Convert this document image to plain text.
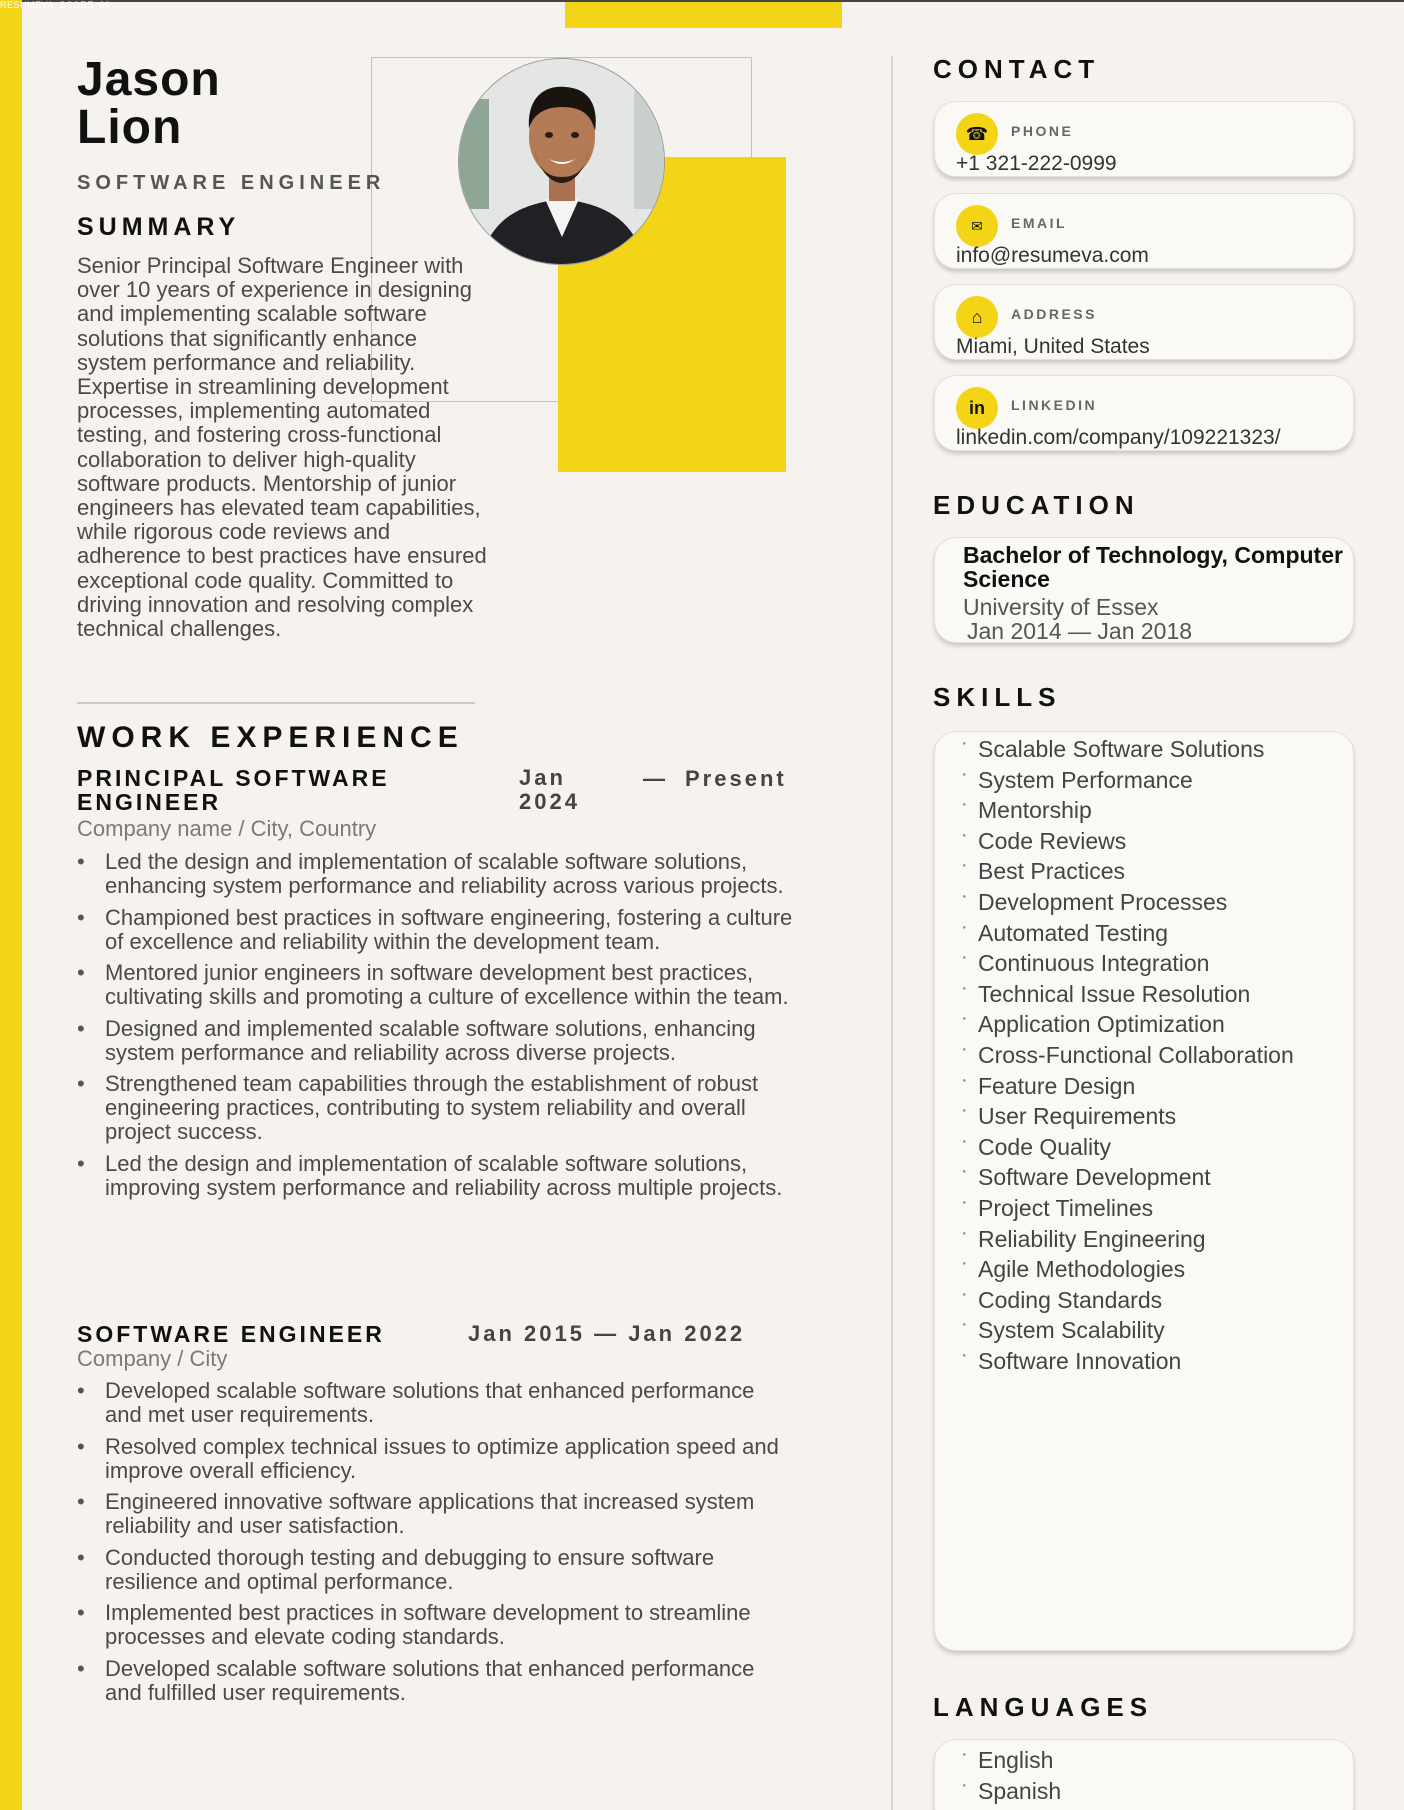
RESUMEVA_SCORE_00
Jason
Lion
SOFTWARE ENGINEER
SUMMARY
Senior Principal Software Engineer with over 10 years of experience in designing and implementing scalable software solutions that significantly enhance system performance and reliability. Expertise in streamlining development processes, implementing automated testing, and fostering cross-functional collaboration to deliver high-quality software products. Mentorship of junior engineers has elevated team capabilities, while rigorous code reviews and adherence to best practices have ensured exceptional code quality. Committed to driving innovation and resolving complex technical challenges.
WORK EXPERIENCE
PRINCIPAL SOFTWARE ENGINEER
Jan 2024
— Present
Company name / City, Country
• Led the design and implementation of scalable software solutions, enhancing system performance and reliability across various projects.
• Championed best practices in software engineering, fostering a culture of excellence and reliability within the development team.
• Mentored junior engineers in software development best practices, cultivating skills and promoting a culture of excellence within the team.
• Designed and implemented scalable software solutions, enhancing system performance and reliability across diverse projects.
• Strengthened team capabilities through the establishment of robust engineering practices, contributing to system reliability and overall project success.
• Led the design and implementation of scalable software solutions, improving system performance and reliability across multiple projects.
SOFTWARE ENGINEER	Jan 2015 — Jan 2022
Company / City
• Developed scalable software solutions that enhanced performance and met user requirements.
• Resolved complex technical issues to optimize application speed and improve overall efficiency.
• Engineered innovative software applications that increased system reliability and user satisfaction.
• Conducted thorough testing and debugging to ensure software resilience and optimal performance.
• Implemented best practices in software development to streamline processes and elevate coding standards.
• Developed scalable software solutions that enhanced performance and fulfilled user requirements.
CONTACT
☎	PHONE
+1 321-222-0999
✉	EMAIL
info@resumeva.com
⌂	ADDRESS
Miami, United States
in	LINKEDIN
linkedin.com/company/109221323/
EDUCATION
Bachelor of Technology, Computer Science
University of Essex
Jan 2014 — Jan 2018
SKILLS
· Scalable Software Solutions
· System Performance
· Mentorship
· Code Reviews
· Best Practices
· Development Processes
· Automated Testing
· Continuous Integration
· Technical Issue Resolution
· Application Optimization
· Cross-Functional Collaboration
· Feature Design
· User Requirements
· Code Quality
· Software Development
· Project Timelines
· Reliability Engineering
· Agile Methodologies
· Coding Standards
· System Scalability
· Software Innovation
LANGUAGES
· English
· Spanish
